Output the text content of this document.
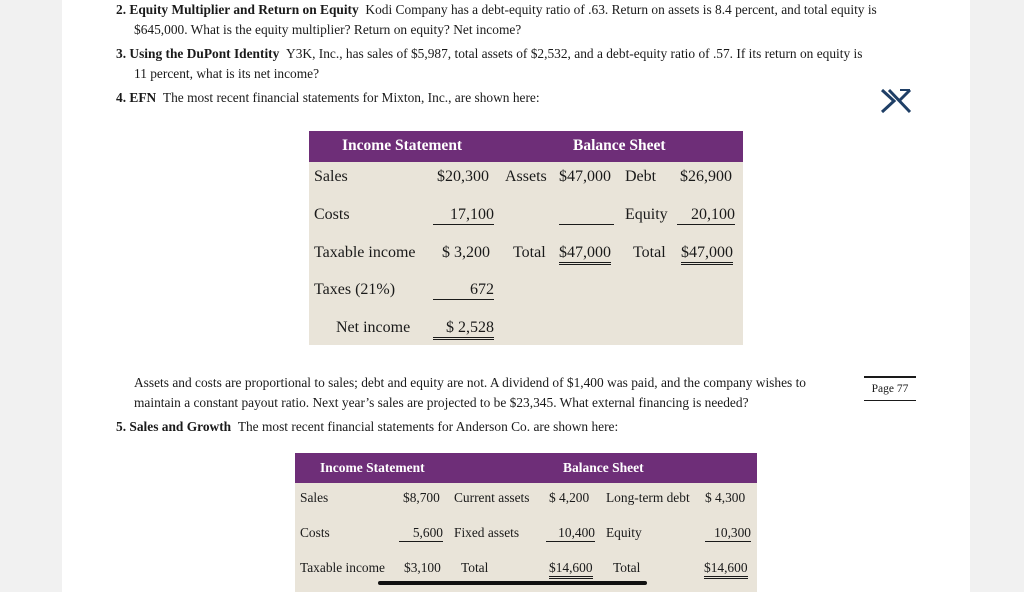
2. Equity Multiplier and Return on Equity Kodi Company has a debt-equity ratio of .63. Return on assets is 8.4 percent, and total equity is
$645,000. What is the equity multiplier? Return on equity? Net income?
3. Using the DuPont Identity Y3K, Inc., has sales of $5,987, total assets of $2,532, and a debt-equity ratio of .57. If its return on equity is
11 percent, what is its net income?
4. EFN The most recent financial statements for Mixton, Inc., are shown here:
Income Statement	Balance Sheet
Sales	$20,300 Assets $47,000 Debt $26,900
Costs	17,100	Equity	20,100
Taxable income $ 3,200 Total $47,000 Total $47,000
Taxes (21%)	672
Net income	$ 2,528
Assets and costs are proportional to sales; debt and equity are not. A dividend of $1,400 was paid, and the company wishes to
maintain a constant payout ratio. Next year’s sales are projected to be $23,345. What external financing is needed?
Page 77
5. Sales and Growth The most recent financial statements for Anderson Co. are shown here:
Income Statement	Balance Sheet
Sales	$8,700 Current assets $ 4,200 Long-term debt $ 4,300
Costs	5,600 Fixed assets	10,400 Equity	10,300
Taxable income $3,100 Total	$14,600 Total	$14,600
